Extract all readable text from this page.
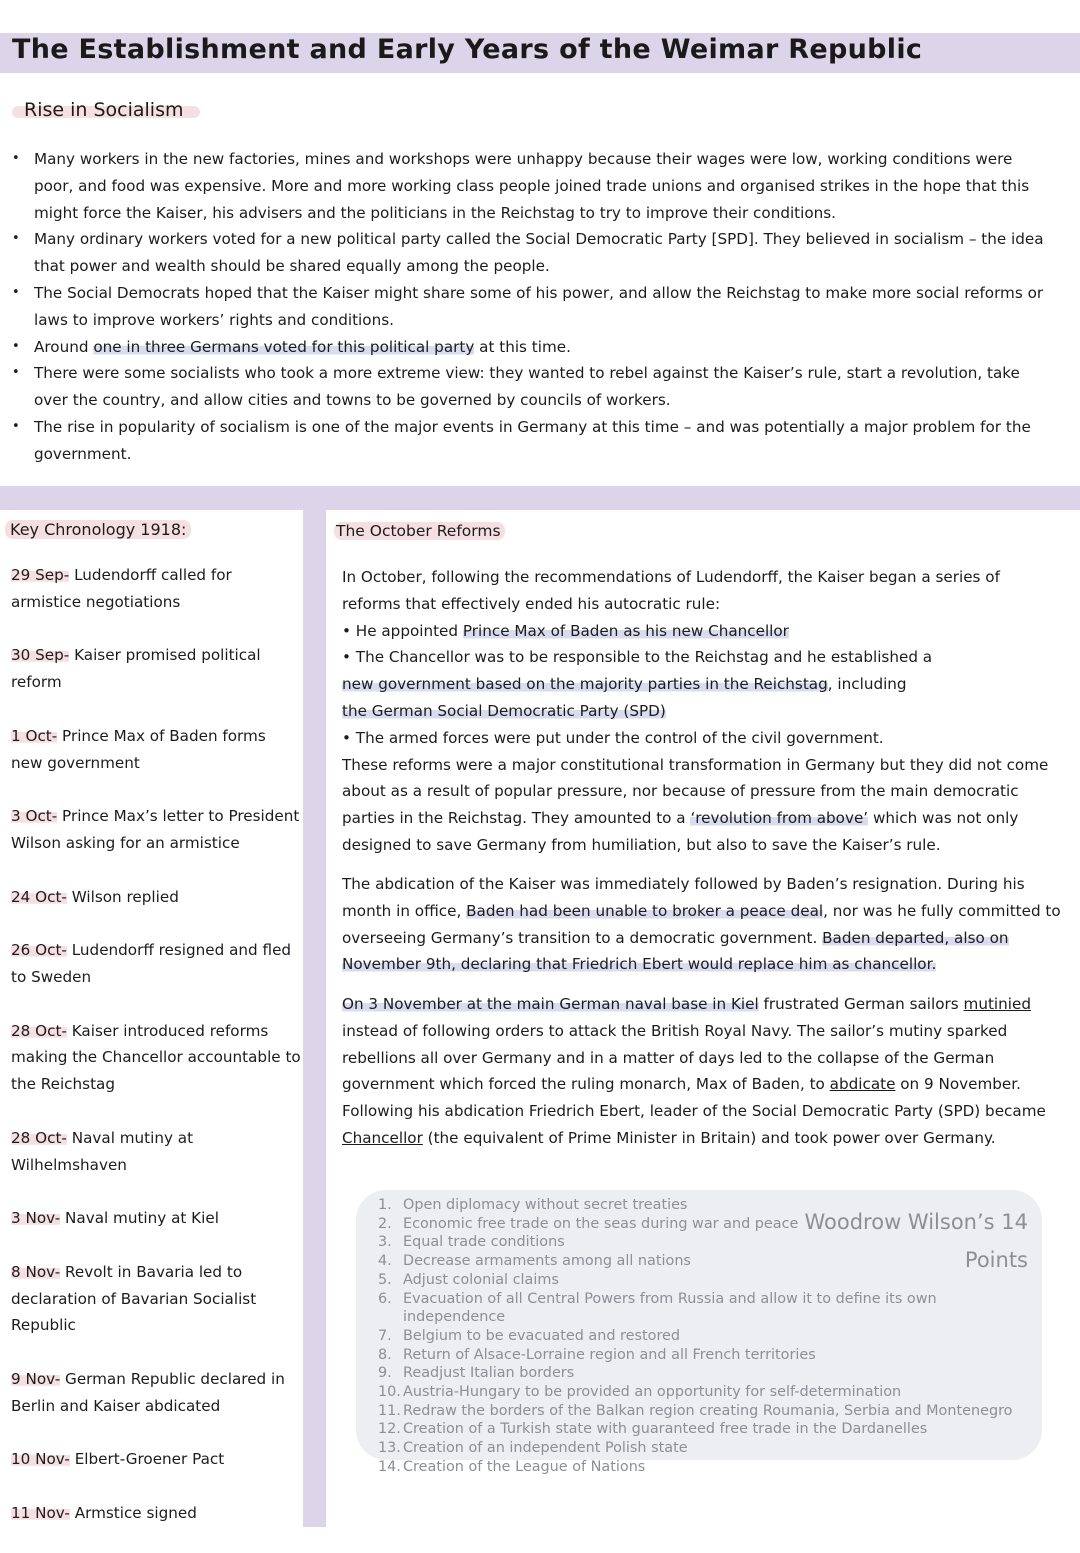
The Establishment and Early Years of the Weimar Republic
Rise in Socialism
• Many workers in the new factories, mines and workshops were unhappy because their wages were low, working conditions were poor, and food was expensive. More and more working class people joined trade unions and organised strikes in the hope that this might force the Kaiser, his advisers and the politicians in the Reichstag to try to improve their conditions.
• Many ordinary workers voted for a new political party called the Social Democratic Party [SPD]. They believed in socialism – the idea that power and wealth should be shared equally among the people.
• The Social Democrats hoped that the Kaiser might share some of his power, and allow the Reichstag to make more social reforms or laws to improve workers’ rights and conditions.
• Around one in three Germans voted for this political party at this time.
• There were some socialists who took a more extreme view: they wanted to rebel against the Kaiser’s rule, start a revolution, take over the country, and allow cities and towns to be governed by councils of workers.
• The rise in popularity of socialism is one of the major events in Germany at this time – and was potentially a major problem for the government.
Key Chronology 1918:
29 Sep- Ludendorff called for armistice negotiations
30 Sep- Kaiser promised political reform
1 Oct- Prince Max of Baden forms new government
3 Oct- Prince Max’s letter to President Wilson asking for an armistice
24 Oct- Wilson replied
26 Oct- Ludendorff resigned and fled to Sweden
28 Oct- Kaiser introduced reforms making the Chancellor accountable to the Reichstag
28 Oct- Naval mutiny at Wilhelmshaven
3 Nov- Naval mutiny at Kiel
8 Nov- Revolt in Bavaria led to declaration of Bavarian Socialist Republic
9 Nov- German Republic declared in Berlin and Kaiser abdicated
10 Nov- Elbert-Groener Pact
11 Nov- Armstice signed
The October Reforms

In October, following the recommendations of Ludendorff, the Kaiser began a series of reforms that effectively ended his autocratic rule:

• He appointed Prince Max of Baden as his new Chancellor

• The Chancellor was to be responsible to the Reichstag and he established a
new government based on the majority parties in the Reichstag, including
the German Social Democratic Party (SPD)

• The armed forces were put under the control of the civil government.

These reforms were a major constitutional transformation in Germany but they did not come about as a result of popular pressure, nor because of pressure from the main democratic parties in the Reichstag. They amounted to a ‘revolution from above’ which was not only designed to save Germany from humiliation, but also to save the Kaiser’s rule.

The abdication of the Kaiser was immediately followed by Baden’s resignation. During his month in office, Baden had been unable to broker a peace deal, nor was he fully committed to overseeing Germany’s transition to a democratic government. Baden departed, also on November 9th, declaring that Friedrich Ebert would replace him as chancellor.

On 3 November at the main German naval base in Kiel frustrated German sailors mutinied instead of following orders to attack the British Royal Navy. The sailor’s mutiny sparked rebellions all over Germany and in a matter of days led to the collapse of the German government which forced the ruling monarch, Max of Baden, to abdicate on 9 November. Following his abdication Friedrich Ebert, leader of the Social Democratic Party (SPD) became Chancellor (the equivalent of Prime Minister in Britain) and took power over Germany.

Woodrow Wilson’s 14
Points
1. Open diplomacy without secret treaties
2. Economic free trade on the seas during war and peace
3. Equal trade conditions
4. Decrease armaments among all nations
5. Adjust colonial claims
6. Evacuation of all Central Powers from Russia and allow it to define its own independence
7. Belgium to be evacuated and restored
8. Return of Alsace-Lorraine region and all French territories
9. Readjust Italian borders
10. Austria-Hungary to be provided an opportunity for self-determination
11. Redraw the borders of the Balkan region creating Roumania, Serbia and Montenegro
12. Creation of a Turkish state with guaranteed free trade in the Dardanelles
13. Creation of an independent Polish state
14. Creation of the League of Nations
